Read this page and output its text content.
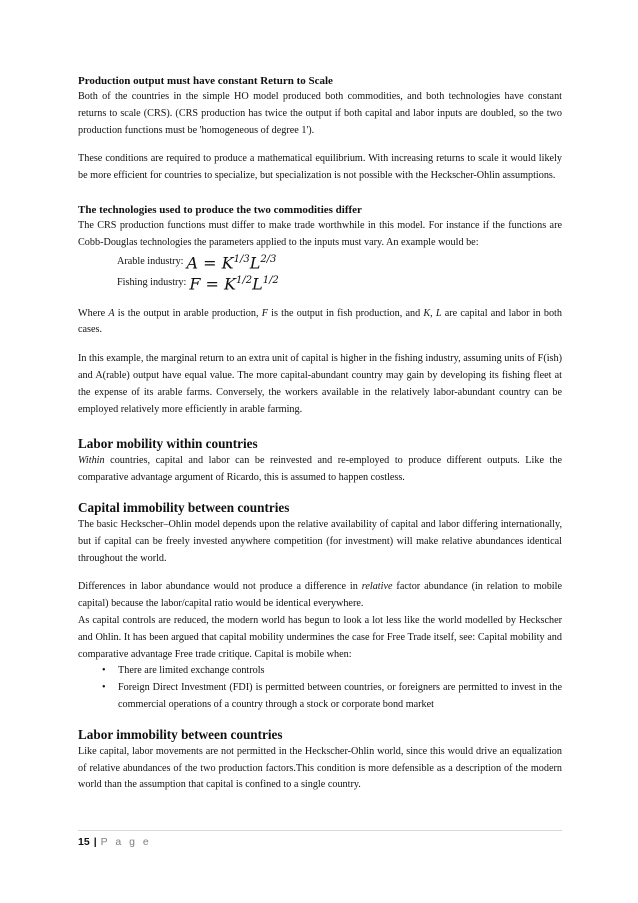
Production output must have constant Return to Scale

Both of the countries in the simple HO model produced both commodities, and both technologies have constant returns to scale (CRS). (CRS production has twice the output if both capital and labor inputs are doubled, so the two production functions must be 'homogeneous of degree 1').

These conditions are required to produce a mathematical equilibrium. With increasing returns to scale it would likely be more efficient for countries to specialize, but specialization is not possible with the Heckscher-Ohlin assumptions.

The technologies used to produce the two commodities differ

The CRS production functions must differ to make trade worthwhile in this model. For instance if the functions are Cobb-Douglas technologies the parameters applied to the inputs must vary. An example would be:

Arable industry: $A = K^{1/3}L^{2/3}$
Fishing industry: $F = K^{1/2}L^{1/2}$

Where A is the output in arable production, F is the output in fish production, and K, L are capital and labor in both cases.

In this example, the marginal return to an extra unit of capital is higher in the fishing industry, assuming units of F(ish) and A(rable) output have equal value. The more capital-abundant country may gain by developing its fishing fleet at the expense of its arable farms. Conversely, the workers available in the relatively labor-abundant country can be employed relatively more efficiently in arable farming.

Labor mobility within countries

Within countries, capital and labor can be reinvested and re-employed to produce different outputs. Like the comparative advantage argument of Ricardo, this is assumed to happen costless.

Capital immobility between countries

The basic Heckscher–Ohlin model depends upon the relative availability of capital and labor differing internationally, but if capital can be freely invested anywhere competition (for investment) will make relative abundances identical throughout the world.

Differences in labor abundance would not produce a difference in relative factor abundance (in relation to mobile capital) because the labor/capital ratio would be identical everywhere.

As capital controls are reduced, the modern world has begun to look a lot less like the world modelled by Heckscher and Ohlin. It has been argued that capital mobility undermines the case for Free Trade itself, see: Capital mobility and comparative advantage Free trade critique. Capital is mobile when:

• There are limited exchange controls
• Foreign Direct Investment (FDI) is permitted between countries, or foreigners are permitted to invest in the commercial operations of a country through a stock or corporate bond market
Labor immobility between countries

Like capital, labor movements are not permitted in the Heckscher-Ohlin world, since this would drive an equalization of relative abundances of the two production factors.This condition is more defensible as a description of the modern world than the assumption that capital is confined to a single country.

15 | P a g e
